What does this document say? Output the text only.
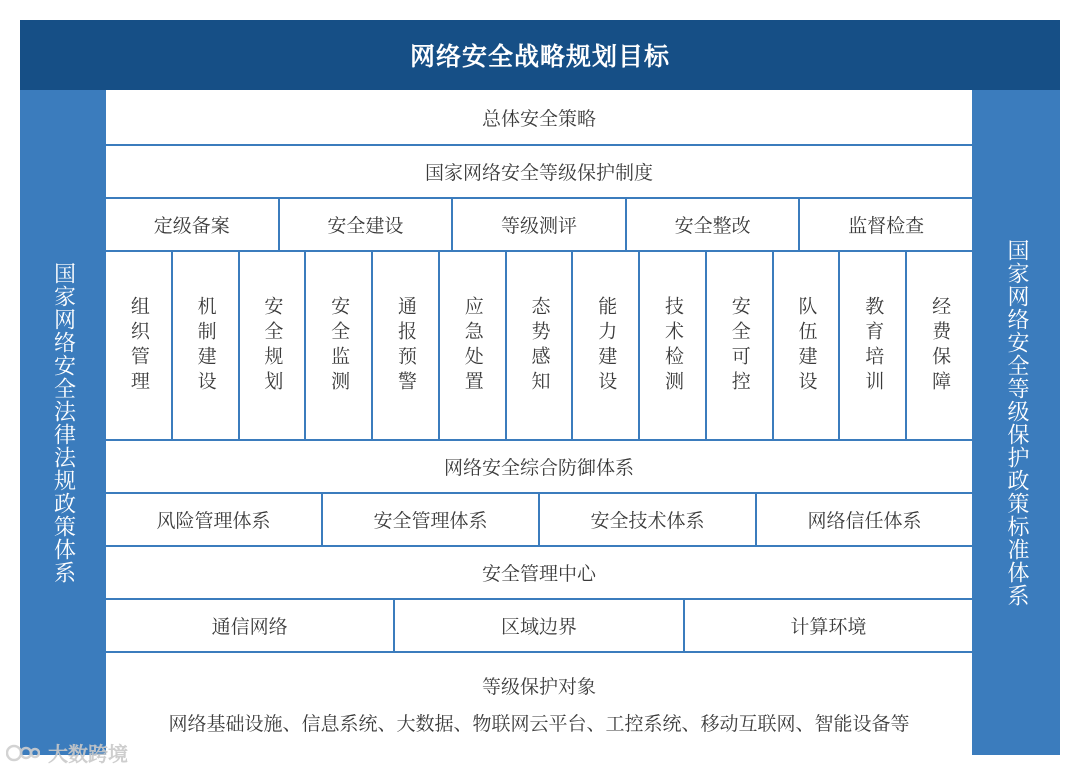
网络安全战略规划目标
国家网络安全法律法规政策体系	国家网络安全等级保护政策标准体系
总体安全策略
国家网络安全等级保护制度
定级备案	安全建设	等级测评	安全整改	监督检查
组织管理 机制建设 安全规划 安全监测 通报预警 应急处置 态势感知 能力建设 技术检测 安全可控 队伍建设 教育培训 经费保障
网络安全综合防御体系
风险管理体系	安全管理体系	安全技术体系	网络信任体系
安全管理中心
通信网络	区域边界	计算环境
等级保护对象
网络基础设施、信息系统、大数据、物联网云平台、工控系统、移动互联网、智能设备等
大数跨境
